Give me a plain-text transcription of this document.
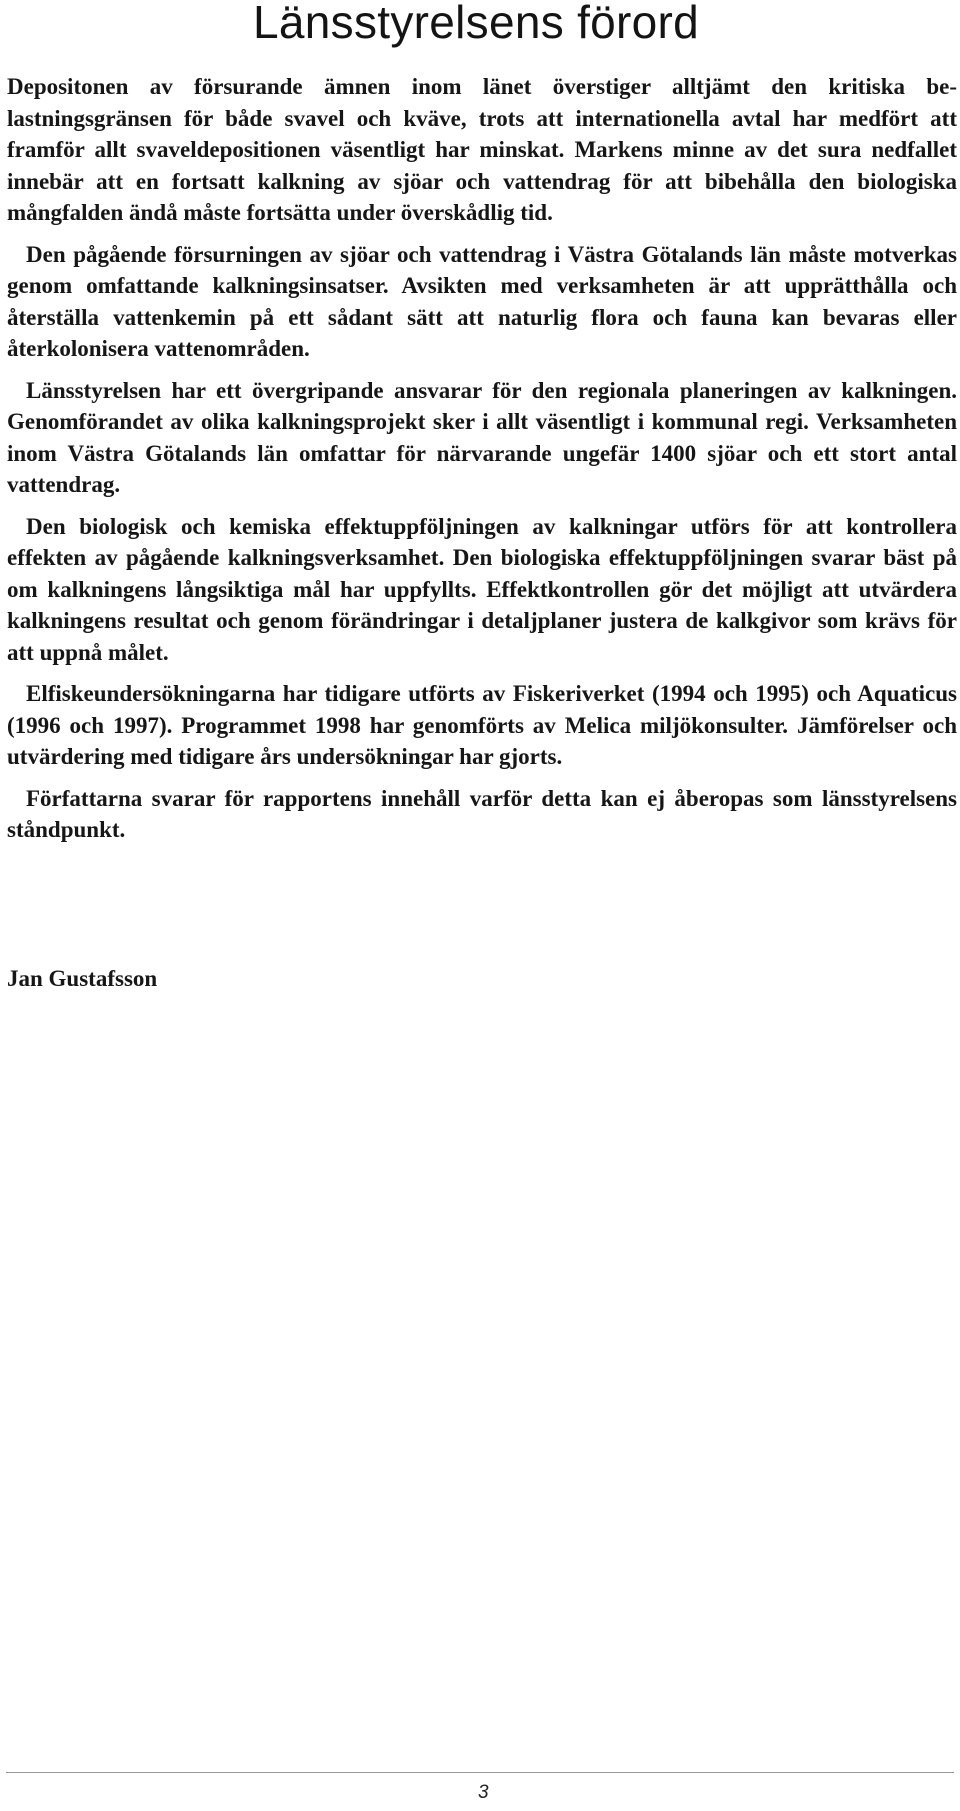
Länsstyrelsens förord

Depositonen av försurande ämnen inom länet överstiger alltjämt den kritiska belastningsgränsen för både svavel och kväve, trots att internationella avtal har medfört att framför allt svaveldepositionen väsentligt har minskat. Markens minne av det sura nedfallet innebär att en fortsatt kalkning av sjöar och vattendrag för att bibehålla den biologiska mångfalden ändå måste fortsätta under överskådlig tid.

Den pågående försurningen av sjöar och vattendrag i Västra Götalands län måste motverkas genom omfattande kalkningsinsatser. Avsikten med verksamheten är att upprätthålla och återställa vattenkemin på ett sådant sätt att naturlig flora och fauna kan bevaras eller återkolonisera vattenområden.

Länsstyrelsen har ett övergripande ansvarar för den regionala planeringen av kalkningen. Genomförandet av olika kalkningsprojekt sker i allt väsentligt i kommunal regi. Verksamheten inom Västra Götalands län omfattar för närvarande ungefär 1400 sjöar och ett stort antal vattendrag.

Den biologisk och kemiska effektuppföljningen av kalkningar utförs för att kontrollera effekten av pågående kalkningsverksamhet. Den biologiska effektuppföljningen svarar bäst på om kalkningens långsiktiga mål har uppfyllts. Effektkontrollen gör det möjligt att utvärdera kalkningens resultat och genom förändringar i detaljplaner justera de kalkgivor som krävs för att uppnå målet.

Elfiskeundersökningarna har tidigare utförts av Fiskeriverket (1994 och 1995) och Aquaticus (1996 och 1997). Programmet 1998 har genomförts av Melica miljökonsulter. Jämförelser och utvärdering med tidigare års undersökningar har gjorts.

Författarna svarar för rapportens innehåll varför detta kan ej åberopas som länsstyrelsens ståndpunkt.

Jan Gustafsson

3
